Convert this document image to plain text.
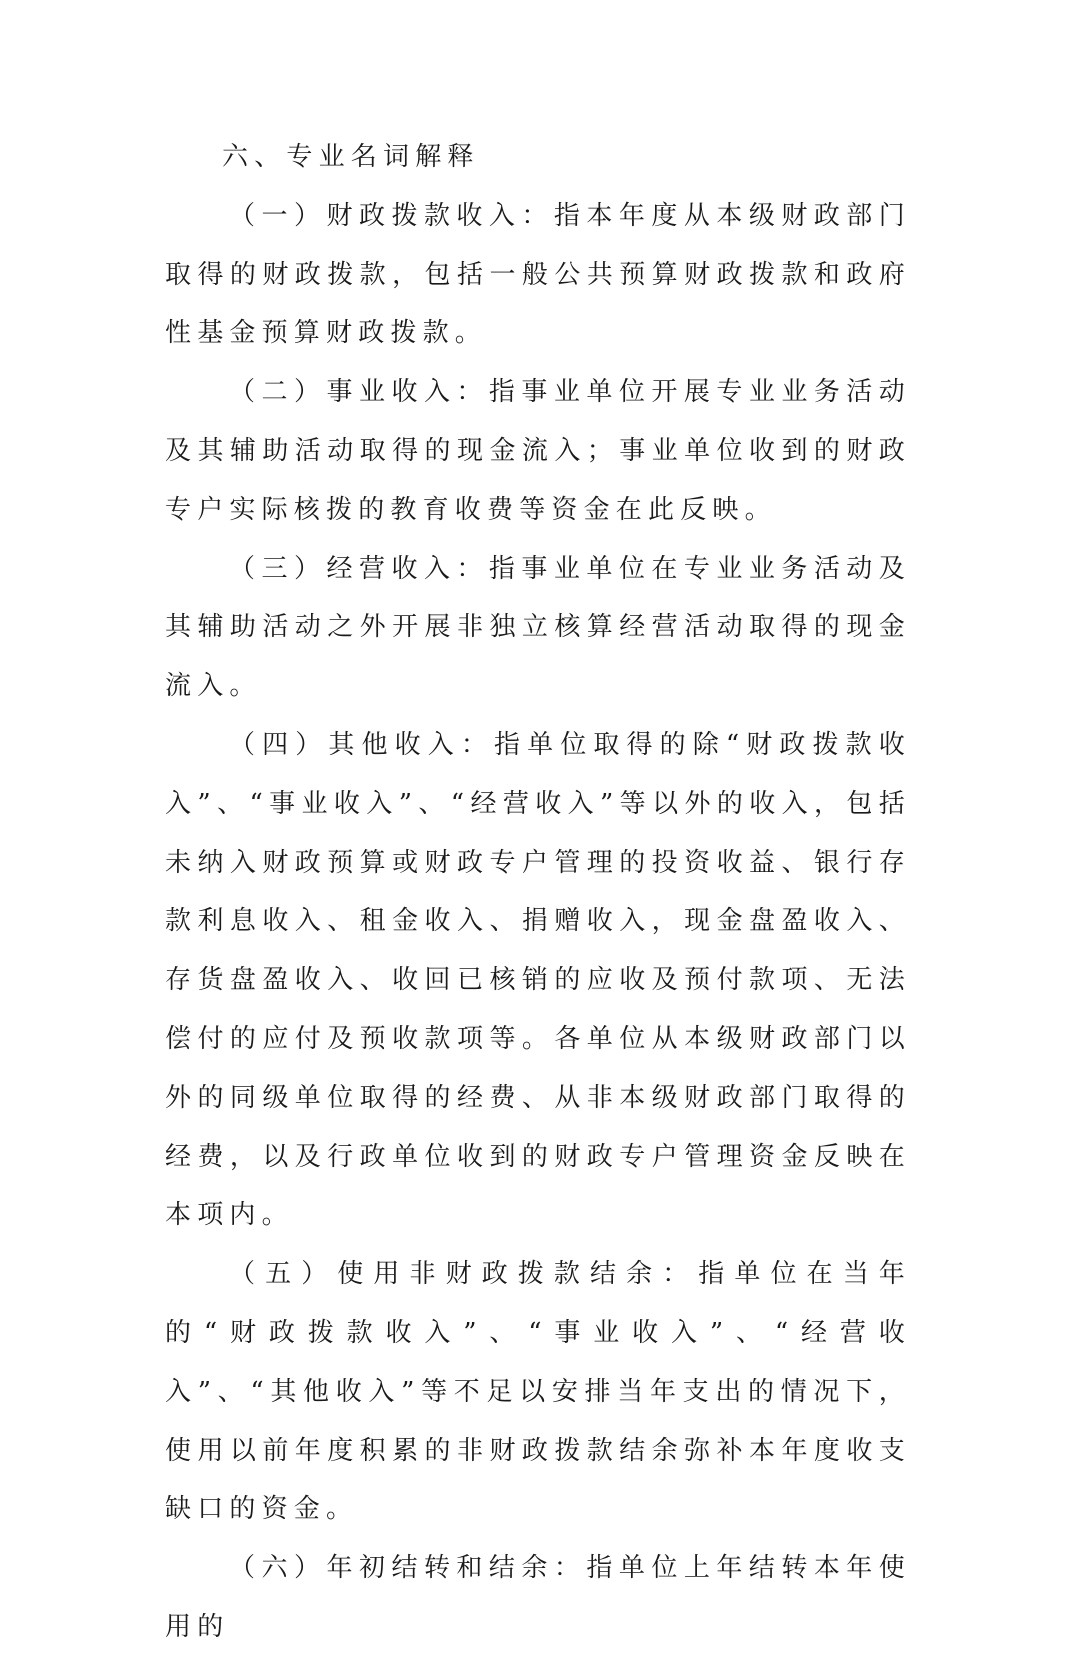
六、专业名词解释

（一）财政拨款收入：指本年度从本级财政部门取得的财政拨款，包括一般公共预算财政拨款和政府性基金预算财政拨款。

（二）事业收入：指事业单位开展专业业务活动及其辅助活动取得的现金流入；事业单位收到的财政专户实际核拨的教育收费等资金在此反映。

（三）经营收入：指事业单位在专业业务活动及其辅助活动之外开展非独立核算经营活动取得的现金流入。

（四）其他收入：指单位取得的除“财政拨款收入”、“事业收入”、“经营收入”等以外的收入，包括未纳入财政预算或财政专户管理的投资收益、银行存款利息收入、租金收入、捐赠收入，现金盘盈收入、存货盘盈收入、收回已核销的应收及预付款项、无法偿付的应付及预收款项等。各单位从本级财政部门以外的同级单位取得的经费、从非本级财政部门取得的经费，以及行政单位收到的财政专户管理资金反映在本项内。

（五）使用非财政拨款结余：指单位在当年的“财政拨款收入”、“事业收入”、“经营收入”、“其他收入”等不足以安排当年支出的情况下，使用以前年度积累的非财政拨款结余弥补本年度收支缺口的资金。

（六）年初结转和结余：指单位上年结转本年使用的
